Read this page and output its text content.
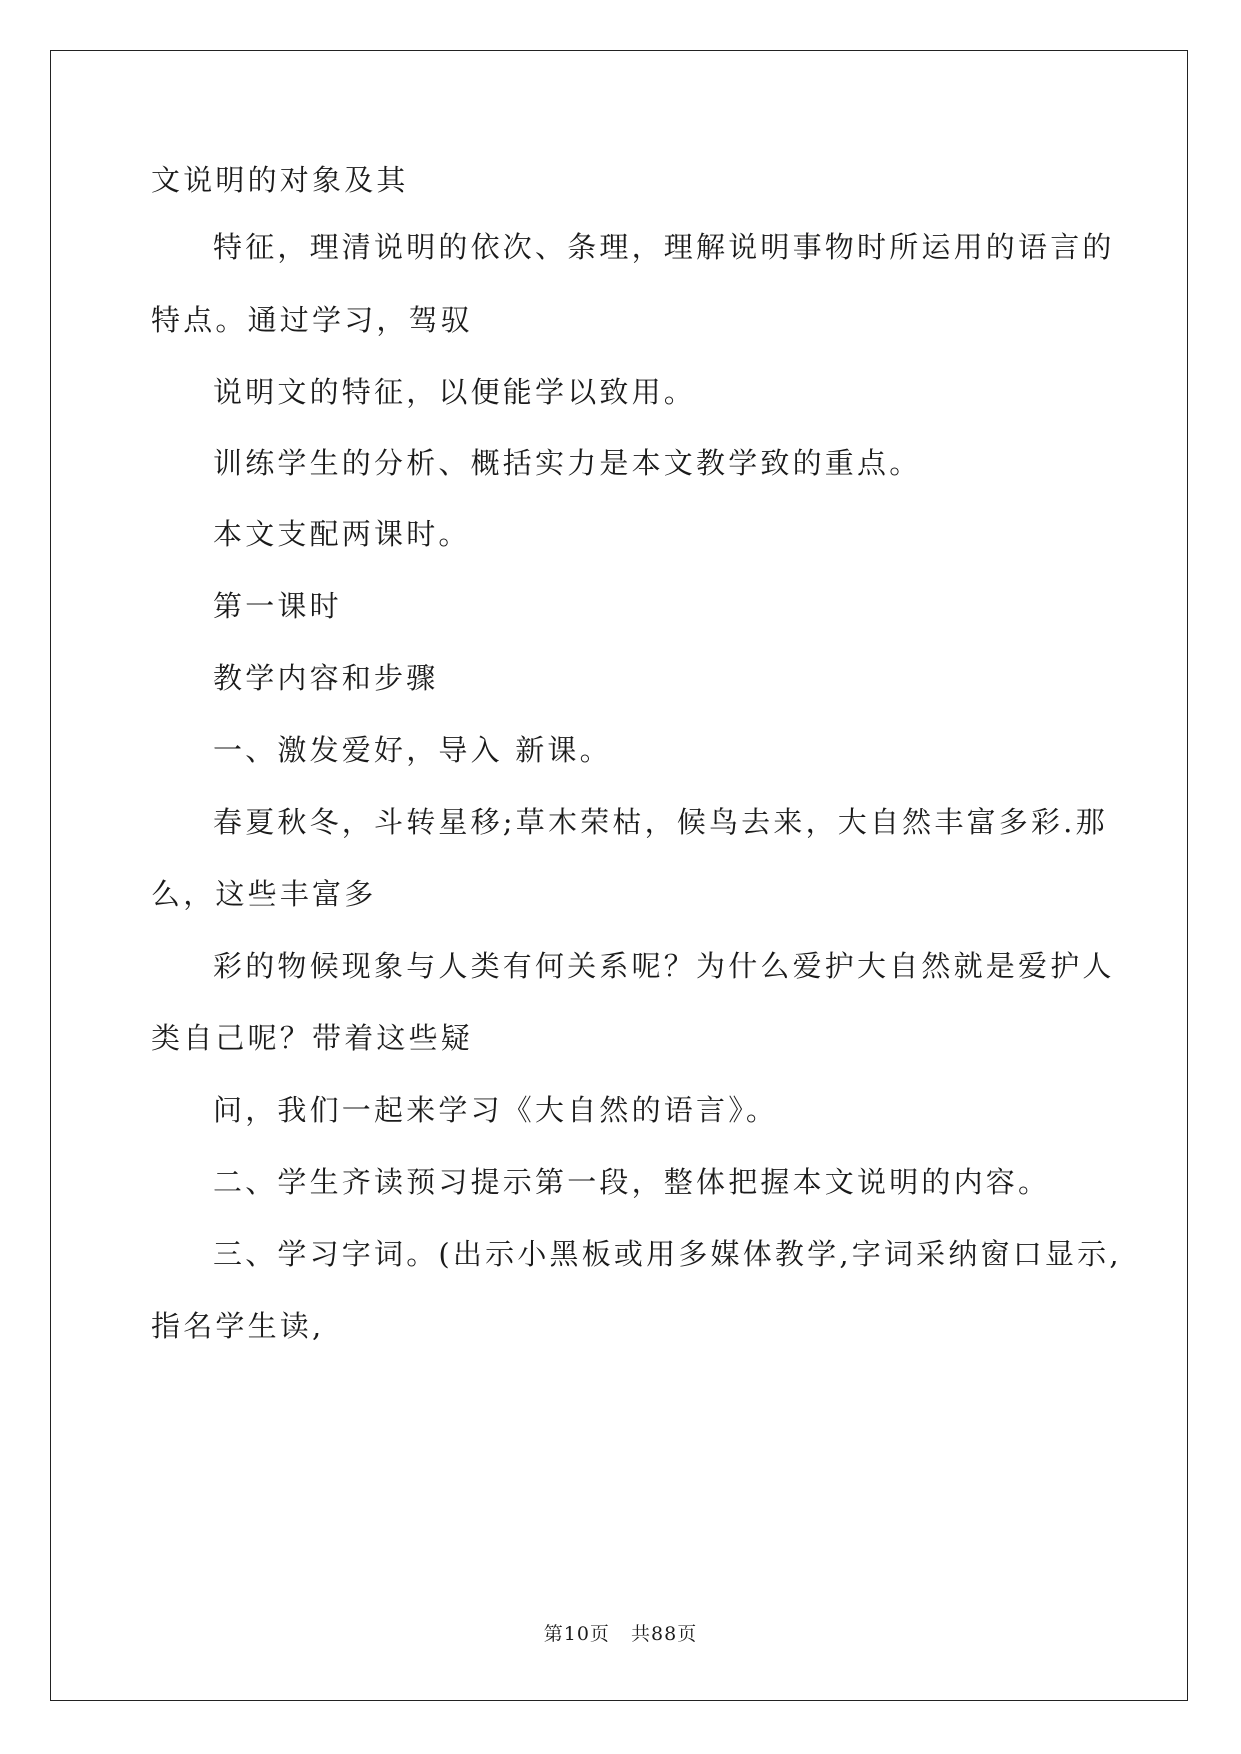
文说明的对象及其
特征，理清说明的依次、条理，理解说明事物时所运用的语言的
特点。通过学习，驾驭
说明文的特征，以便能学以致用。
训练学生的分析、概括实力是本文教学致的重点。
本文支配两课时。
第一课时
教学内容和步骤
一、激发爱好，导入 新课。
春夏秋冬，斗转星移;草木荣枯，候鸟去来，大自然丰富多彩.那
么，这些丰富多
彩的物候现象与人类有何关系呢？为什么爱护大自然就是爱护人
类自己呢？带着这些疑
问，我们一起来学习《大自然的语言》。
二、学生齐读预习提示第一段，整体把握本文说明的内容。
三、学习字词。(出示小黑板或用多媒体教学,字词采纳窗口显示,
指名学生读,
第10页   共88页
